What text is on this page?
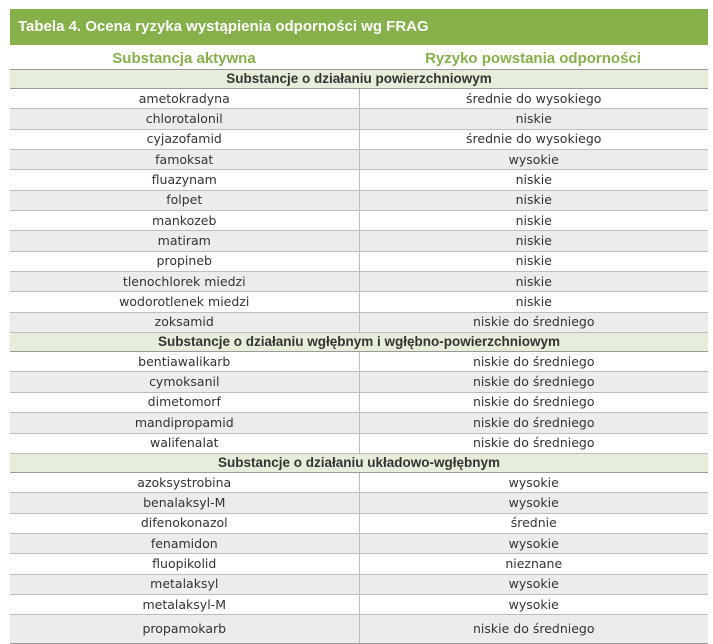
Tabela 4. Ocena ryzyka wystąpienia odporności wg FRAG
Substancja aktywna	Ryzyko powstania odporności
Substancje o działaniu powierzchniowym	
ametokradyna	średnie do wysokiego
chlorotalonil	niskie
cyjazofamid	średnie do wysokiego
famoksat	wysokie
fluazynam	niskie
folpet	niskie
mankozeb	niskie
matiram	niskie
propineb	niskie
tlenochlorek miedzi	niskie
wodorotlenek miedzi	niskie
zoksamid	niskie do średniego
Substancje o działaniu wgłębnym i wgłębno-powierzchniowym	
bentiawalikarb	niskie do średniego
cymoksanil	niskie do średniego
dimetomorf	niskie do średniego
mandipropamid	niskie do średniego
walifenalat	niskie do średniego
Substancje o działaniu układowo-wgłębnym	
azoksystrobina	wysokie
benalaksyl-M	wysokie
difenokonazol	średnie
fenamidon	wysokie
fluopikolid	nieznane
metalaksyl	wysokie
metalaksyl-M	wysokie
propamokarb	niskie do średniego
